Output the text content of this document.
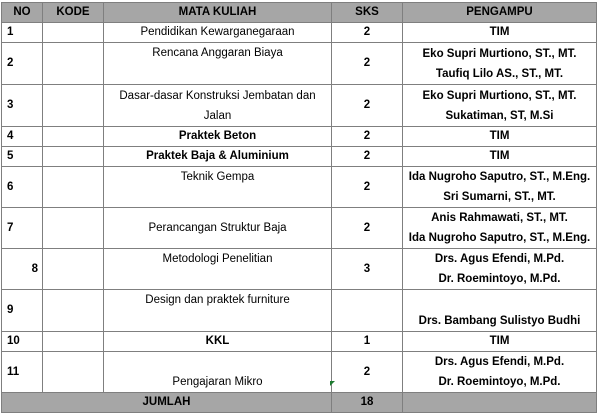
NO	KODE	MATA KULIAH	SKS	PENGAMPU
1		Pendidikan Kewarganegaraan	2	TIM
2		Rencana Anggaran Biaya	2	Eko Supri Murtiono, ST., MT.
Taufiq Lilo AS., ST., MT.

3		Dasar-dasar Konstruksi Jembatan dan
Jalan	2	Eko Supri Murtiono, ST., MT.
Sukatiman, ST, M.Si

4		Praktek Beton	2	TIM
5		Praktek Baja & Aluminium	2	TIM
6		Teknik Gempa	2	Ida Nugroho Saputro, ST., M.Eng.
Sri Sumarni, ST., MT.

7		Perancangan Struktur Baja	2	Anis Rahmawati, ST., MT.
Ida Nugroho Saputro, ST., M.Eng.

8		Metodologi Penelitian	3	Drs. Agus Efendi, M.Pd.
Dr. Roemintoyo, M.Pd.

9		Design dan praktek furniture		Drs. Bambang Sulistyo Budhi

10		KKL	1	TIM
11		Pengajaran Mikro	2	Drs. Agus Efendi, M.Pd.
Dr. Roemintoyo, M.Pd.

JUMLAH			18	
